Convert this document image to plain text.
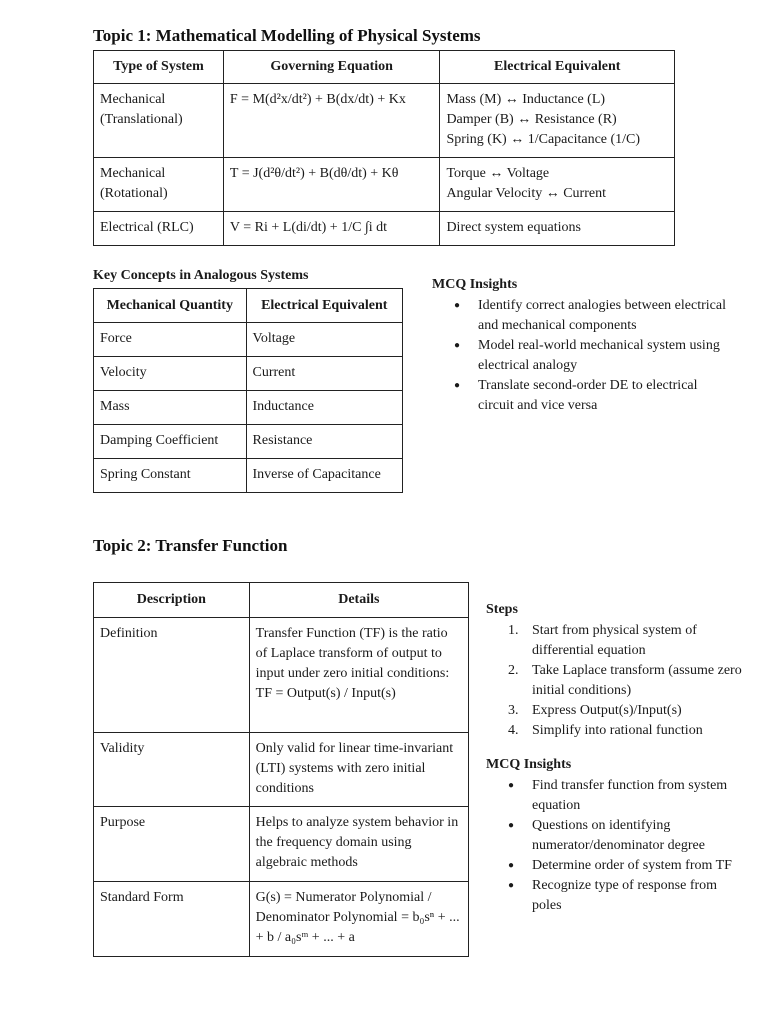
Topic 1: Mathematical Modelling of Physical Systems
Type of System	Governing Equation	Electrical Equivalent
Mechanical (Translational)	F = M(d²x/dt²) + B(dx/dt) + Kx	Mass (M) ↔ Inductance (L)
Damper (B) ↔ Resistance (R)
Spring (K) ↔ 1/Capacitance (1/C)

Mechanical (Rotational)	T = J(d²θ/dt²) + B(dθ/dt) + Kθ	Torque ↔ Voltage
Angular Velocity ↔ Current

Electrical (RLC)	V = Ri + L(di/dt) + 1/C ∫i dt	Direct system equations
Key Concepts in Analogous Systems
Mechanical Quantity	Electrical Equivalent
Force	Voltage
Velocity	Current
Mass	Inductance
Damping Coefficient	Resistance
Spring Constant	Inverse of Capacitance
MCQ Insights
● Identify correct analogies between electrical and mechanical components
● Model real-world mechanical system using electrical analogy
● Translate second-order DE to electrical circuit and vice versa
Topic 2: Transfer Function
Description	Details
Definition	Transfer Function (TF) is the ratio of Laplace transform of output to input under zero initial conditions: TF = Output(s) / Input(s)
Validity	Only valid for linear time-invariant (LTI) systems with zero initial conditions
Purpose	Helps to analyze system behavior in the frequency domain using algebraic methods
Standard Form	G(s) = Numerator Polynomial / Denominator Polynomial = b₀sⁿ + ... + b⁠ / a₀sᵐ + ... + a⁠
Steps
1. Start from physical system of differential equation
2. Take Laplace transform (assume zero initial conditions)
3. Express Output(s)/Input(s)
4. Simplify into rational function
MCQ Insights
● Find transfer function from system equation
● Questions on identifying numerator/denominator degree
● Determine order of system from TF
● Recognize type of response from poles
